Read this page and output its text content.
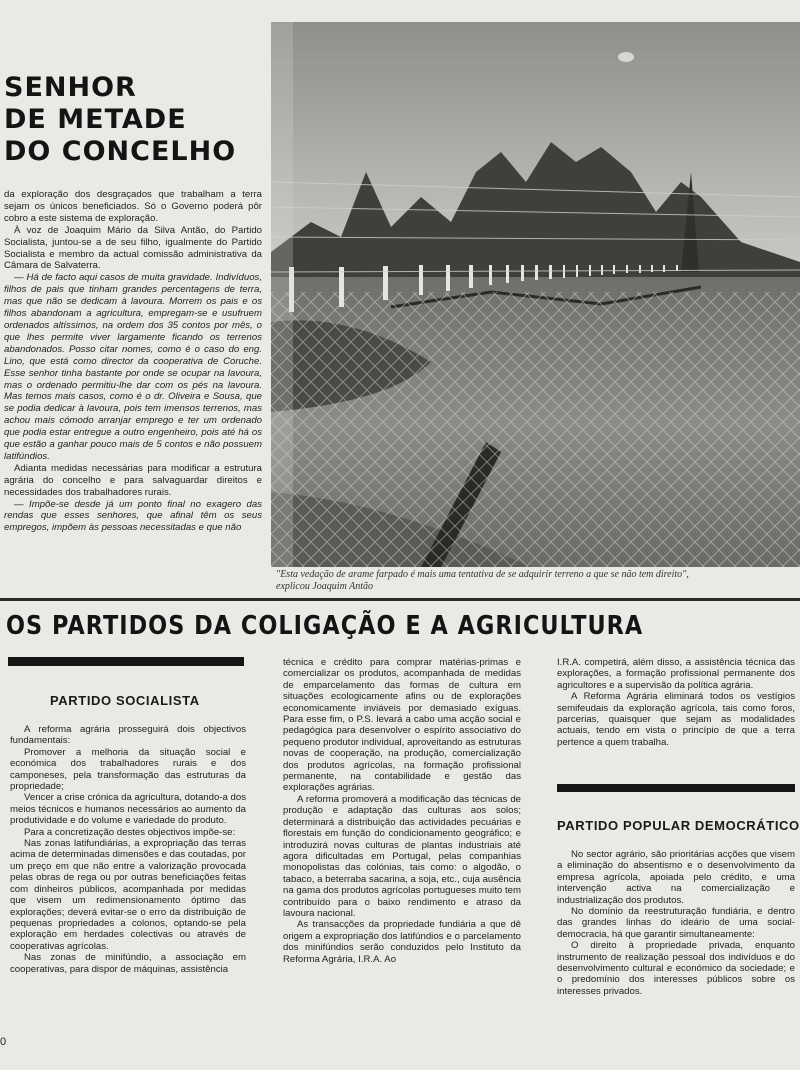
SENHOR
DE METADE
DO CONCELHO

da exploração dos desgraçados que trabalham a terra sejam os únicos beneficiados. Só o Governo poderá pôr cobro a este sistema de exploração.

À voz de Joaquim Mário da Silva Antão, do Partido Socialista, juntou-se a de seu filho, igualmente do Partido Socialista e membro da actual comissão administrativa da Câmara de Salvaterra.

— Há de facto aqui casos de muita gravidade. Indivíduos, filhos de pais que tinham grandes percentagens de terra, mas que não se dedicam à lavoura. Morrem os pais e os filhos abandonam a agricultura, empregam-se e usufruem ordenados altíssimos, na ordem dos 35 contos por mês, o que lhes permite viver largamente ficando os terrenos abandonados. Posso citar nomes, como é o caso do eng. Lino, que está como director da cooperativa de Coruche. Esse senhor tinha bastante por onde se ocupar na lavoura, mas o ordenado permitiu-lhe dar com os pés na lavoura. Mas temos mais casos, como é o dr. Oliveira e Sousa, que se podia dedicar à lavoura, pois tem imensos terrenos, mas achou mais cómodo arranjar emprego e ter um ordenado que podia estar entregue a outro engenheiro, pois até há os que estão a ganhar pouco mais de 5 contos e não possuem latifúndios.

Adianta medidas necessárias para modificar a estrutura agrária do concelho e para salvaguardar direitos e necessidades dos trabalhadores rurais.

— Impõe-se desde já um ponto final no exagero das rendas que esses senhores, que afinal têm os seus empregos, impõem às pessoas necessitadas e que não

"Esta vedação de arame farpado é mais uma tentativa de se adquirir terreno a que se não tem direito",
explicou Joaquim Antão
OS PARTIDOS DA COLIGAÇÃO E A AGRICULTURA
PARTIDO SOCIALISTA

A reforma agrária prosseguirá dois objectivos fundamentais:

Promover a melhoria da situação social e económica dos trabalhadores rurais e dos camponeses, pela transformação das estruturas da propriedade;

Vencer a crise crónica da agricultura, dotando-a dos meios técnicos e humanos necessários ao aumento da produtividade e do volume e variedade do produto.

Para a concretização destes objectivos impõe-se:

Nas zonas latifundiárias, a expropriação das terras acima de determinadas dimensões e das coutadas, por um preço em que não entre a valorização provocada pelas obras de rega ou por outras beneficiações feitas com dinheiros públicos, acompanhada por medidas que visem um redimensionamento óptimo das explorações; deverá evitar-se o erro da distribuição de pequenas propriedades a colonos, optando-se pela exploração em herdades colectivas ou através de cooperativas agrícolas.

Nas zonas de minifúndio, a associação em cooperativas, para dispor de máquinas, assistência

técnica e crédito para comprar matérias-primas e comercializar os produtos, acompanhada de medidas de emparcelamento das formas de cultura em situações ecologicamente afins ou de explorações economicamente inviáveis por demasiado exíguas. Para esse fim, o P.S. levará a cabo uma acção social e pedagógica para desenvolver o espírito associativo do pequeno produtor individual, aproveitando as estruturas novas de cooperação, na produção, comercialização dos produtos agrícolas, na formação profissional permanente, na contabilidade e gestão das explorações agrárias.

A reforma promoverá a modificação das técnicas de produção e adaptação das culturas aos solos; determinará a distribuição das actividades pecuárias e florestais em função do condicionamento geográfico; e introduzirá novas culturas de plantas industriais até agora dificultadas em Portugal, pelas companhias monopolistas das colónias, tais como: o algodão, o tabaco, a beterraba sacarina, a soja, etc., cuja ausência na gama dos produtos agrícolas portugueses muito tem contribuído para o baixo rendimento e atraso da lavoura nacional.

As transacções da propriedade fundiária a que dê origem a expropriação dos latifúndios e o parcelamento dos minifúndios serão conduzidos pelo Instituto da Reforma Agrária, I.R.A. Ao

I.R.A. competirá, além disso, a assistência técnica das explorações, a formação profissional permanente dos agricultores e a supervisão da política agrária.

A Reforma Agrária eliminará todos os vestígios semifeudais da exploração agrícola, tais como foros, parcerias, quaisquer que sejam as modalidades actuais, tendo em vista o princípio de que a terra pertence a quem trabalha.

PARTIDO POPULAR DEMOCRÁTICO

No sector agrário, são prioritárias acções que visem a eliminação do absentismo e o desenvolvimento da empresa agrícola, apoiada pelo crédito, e uma intervenção activa na comercialização e industrialização dos produtos.

No domínio da reestruturação fundiária, e dentro das grandes linhas do ideário de uma social-democracia, há que garantir simultaneamente:

O direito à propriedade privada, enquanto instrumento de realização pessoal dos indivíduos e do desenvolvimento cultural e económico da sociedade; e o predomínio dos interesses públicos sobre os interesses privados.

0
